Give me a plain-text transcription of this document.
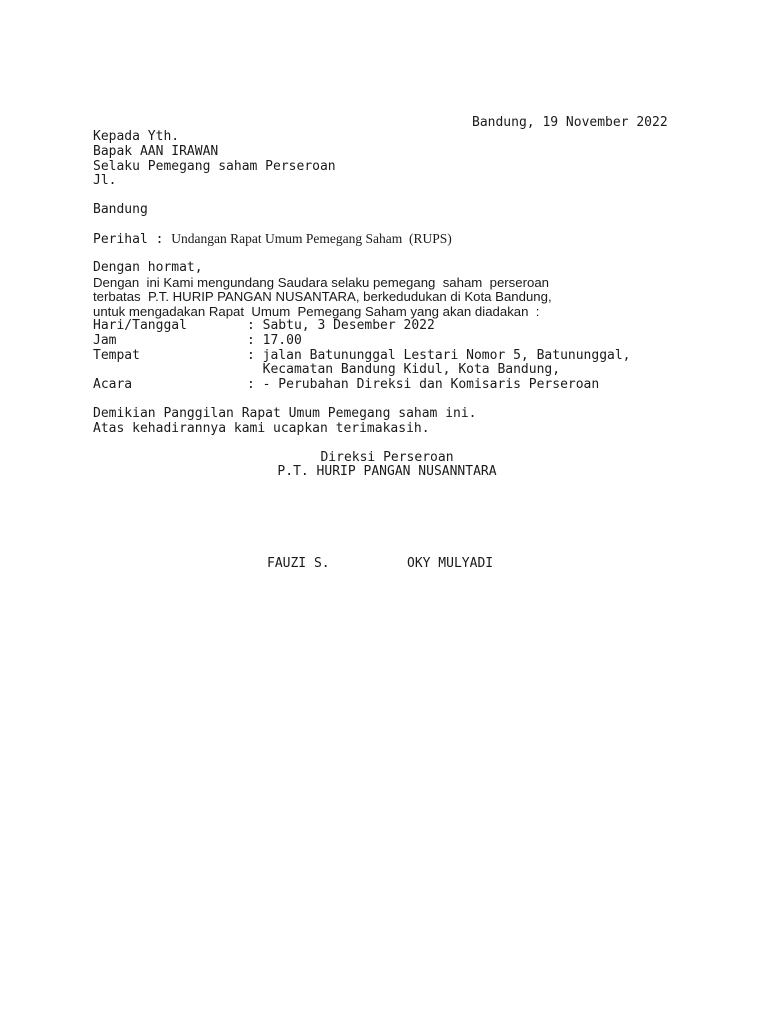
Bandung, 19 November 2022
Kepada Yth.
Bapak AAN IRAWAN
Selaku Pemegang saham Perseroan
Jl.
Bandung
Perihal : Undangan Rapat Umum Pemegang Saham  (RUPS)
Dengan hormat,
Dengan  ini Kami mengundang Saudara selaku pemegang  saham  perseroan
terbatas  P.T. HURIP PANGAN NUSANTARA, berkedudukan di Kota Bandung,
untuk mengadakan Rapat  Umum  Pemegang Saham yang akan diadakan  :
Hari/Tanggal	: Sabtu, 3 Desember 2022
Jam	: 17.00
Tempat	: jalan Batununggal Lestari Nomor 5, Batununggal,
Kecamatan Bandung Kidul, Kota Bandung,
Acara	: - Perubahan Direksi dan Komisaris Perseroan
Demikian Panggilan Rapat Umum Pemegang saham ini.
Atas kehadirannya kami ucapkan terimakasih.
Direksi Perseroan
P.T. HURIP PANGAN NUSANNTARA
FAUZI S.	OKY MULYADI
